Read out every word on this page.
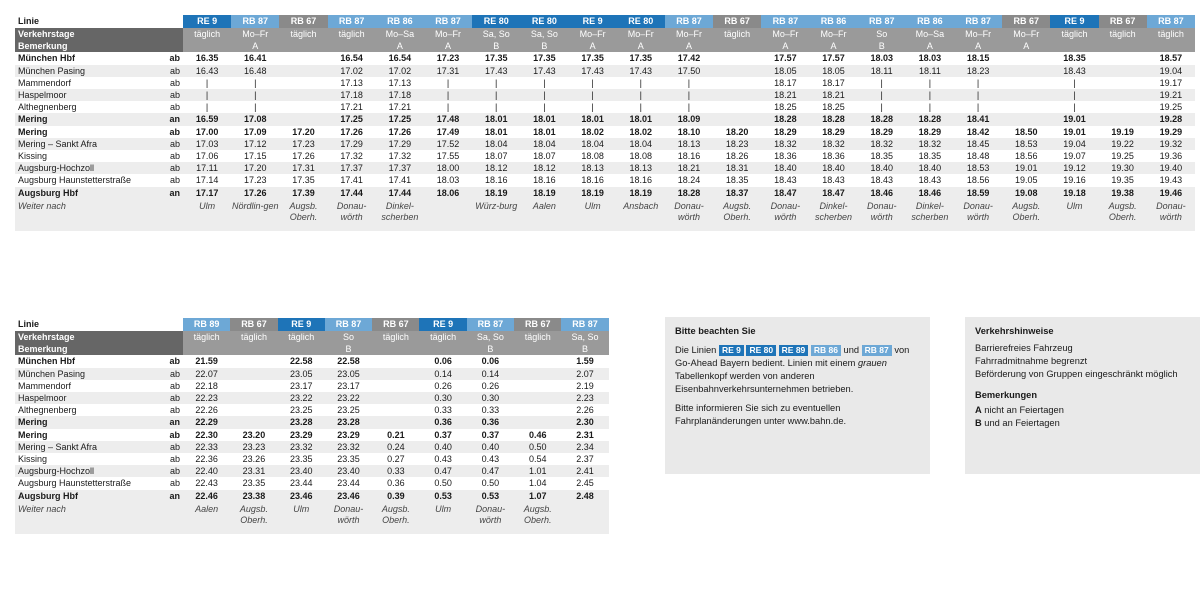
Linie		RE 9	RB 87	RB 67	RB 87	RB 86	RB 87	RE 80	RE 80	RE 9	RE 80	RB 87	RB 67	RB 87	RB 86	RB 87	RB 86	RB 87	RB 67	RE 9	RB 67	RB 87
Verkehrstage		täglich	Mo–Fr	täglich	täglich	Mo–Sa	Mo–Fr	Sa, So	Sa, So	Mo–Fr	Mo–Fr	Mo–Fr	täglich	Mo–Fr	Mo–Fr	So	Mo–Sa	Mo–Fr	Mo–Fr	täglich	täglich	täglich
Bemerkung			A			A	A	B	B	A	A	A		A	A	B	A	A	A			
München Hbf	ab	16.35	16.41		16.54	16.54	17.23	17.35	17.35	17.35	17.35	17.42		17.57	17.57	18.03	18.03	18.15		18.35		18.57
München Pasing	ab	16.43	16.48		17.02	17.02	17.31	17.43	17.43	17.43	17.43	17.50		18.05	18.05	18.11	18.11	18.23		18.43		19.04
Mammendorf	ab	|	|		17.13	17.13	|	|	|	|	|	|		18.17	18.17	|	|	|		|		19.17
Haspelmoor	ab	|	|		17.18	17.18	|	|	|	|	|	|		18.21	18.21	|	|	|		|		19.21
Althegnenberg	ab	|	|		17.21	17.21	|	|	|	|	|	|		18.25	18.25	|	|	|		|		19.25
Mering	an	16.59	17.08		17.25	17.25	17.48	18.01	18.01	18.01	18.01	18.09		18.28	18.28	18.28	18.28	18.41		19.01		19.28
Mering	ab	17.00	17.09	17.20	17.26	17.26	17.49	18.01	18.01	18.02	18.02	18.10	18.20	18.29	18.29	18.29	18.29	18.42	18.50	19.01	19.19	19.29
Mering – Sankt Afra	ab	17.03	17.12	17.23	17.29	17.29	17.52	18.04	18.04	18.04	18.04	18.13	18.23	18.32	18.32	18.32	18.32	18.45	18.53	19.04	19.22	19.32
Kissing	ab	17.06	17.15	17.26	17.32	17.32	17.55	18.07	18.07	18.08	18.08	18.16	18.26	18.36	18.36	18.35	18.35	18.48	18.56	19.07	19.25	19.36
Augsburg-Hochzoll	ab	17.11	17.20	17.31	17.37	17.37	18.00	18.12	18.12	18.13	18.13	18.21	18.31	18.40	18.40	18.40	18.40	18.53	19.01	19.12	19.30	19.40
Augsburg Haunstetterstraße	ab	17.14	17.23	17.35	17.41	17.41	18.03	18.16	18.16	18.16	18.16	18.24	18.35	18.43	18.43	18.43	18.43	18.56	19.05	19.16	19.35	19.43
Augsburg Hbf	an	17.17	17.26	17.39	17.44	17.44	18.06	18.19	18.19	18.19	18.19	18.28	18.37	18.47	18.47	18.46	18.46	18.59	19.08	19.18	19.38	19.46
Weiter nach		Ulm	Nördlin-gen	Augsb. Oberh.	Donau-wörth	Dinkel-scherben		Würz-burg	Aalen	Ulm	Ansbach	Donau-wörth	Augsb. Oberh.	Donau-wörth	Dinkel-scherben	Donau-wörth	Dinkel-scherben	Donau-wörth	Augsb. Oberh.	Ulm	Augsb. Oberh.	Donau-wörth
Linie		RB 89	RB 67	RE 9	RB 87	RB 67	RE 9	RB 87	RB 67	RB 87
Verkehrstage		täglich	täglich	täglich	So	täglich	täglich	Sa, So	täglich	Sa, So
Bemerkung					B			B		B
München Hbf	ab	21.59		22.58	22.58		0.06	0.06		1.59
München Pasing	ab	22.07		23.05	23.05		0.14	0.14		2.07
Mammendorf	ab	22.18		23.17	23.17		0.26	0.26		2.19
Haspelmoor	ab	22.23		23.22	23.22		0.30	0.30		2.23
Althegnenberg	ab	22.26		23.25	23.25		0.33	0.33		2.26
Mering	an	22.29		23.28	23.28		0.36	0.36		2.30
Mering	ab	22.30	23.20	23.29	23.29	0.21	0.37	0.37	0.46	2.31
Mering – Sankt Afra	ab	22.33	23.23	23.32	23.32	0.24	0.40	0.40	0.50	2.34
Kissing	ab	22.36	23.26	23.35	23.35	0.27	0.43	0.43	0.54	2.37
Augsburg-Hochzoll	ab	22.40	23.31	23.40	23.40	0.33	0.47	0.47	1.01	2.41
Augsburg Haunstetterstraße	ab	22.43	23.35	23.44	23.44	0.36	0.50	0.50	1.04	2.45
Augsburg Hbf	an	22.46	23.38	23.46	23.46	0.39	0.53	0.53	1.07	2.48
Weiter nach		Aalen	Augsb. Oberh.	Ulm	Donau-wörth	Augsb. Oberh.	Ulm	Donau-wörth	Augsb. Oberh.	
Bitte beachten Sie
Die Linien RE 9 RE 80 RE 89 RB 86 und RB 87 von Go-Ahead Bayern bedient. Linien mit einem grauen Tabellenkopf werden von anderen Eisenbahnverkehrsunternehmen betrieben.
Bitte informieren Sie sich zu eventuellen Fahrplanänderungen unter www.bahn.de.
Verkehrshinweise
Barrierefreies Fahrzeug
Fahrradmitnahme begrenzt
Beförderung von Gruppen eingeschränkt möglich
Bemerkungen
A nicht an Feiertagen
B und an Feiertagen
